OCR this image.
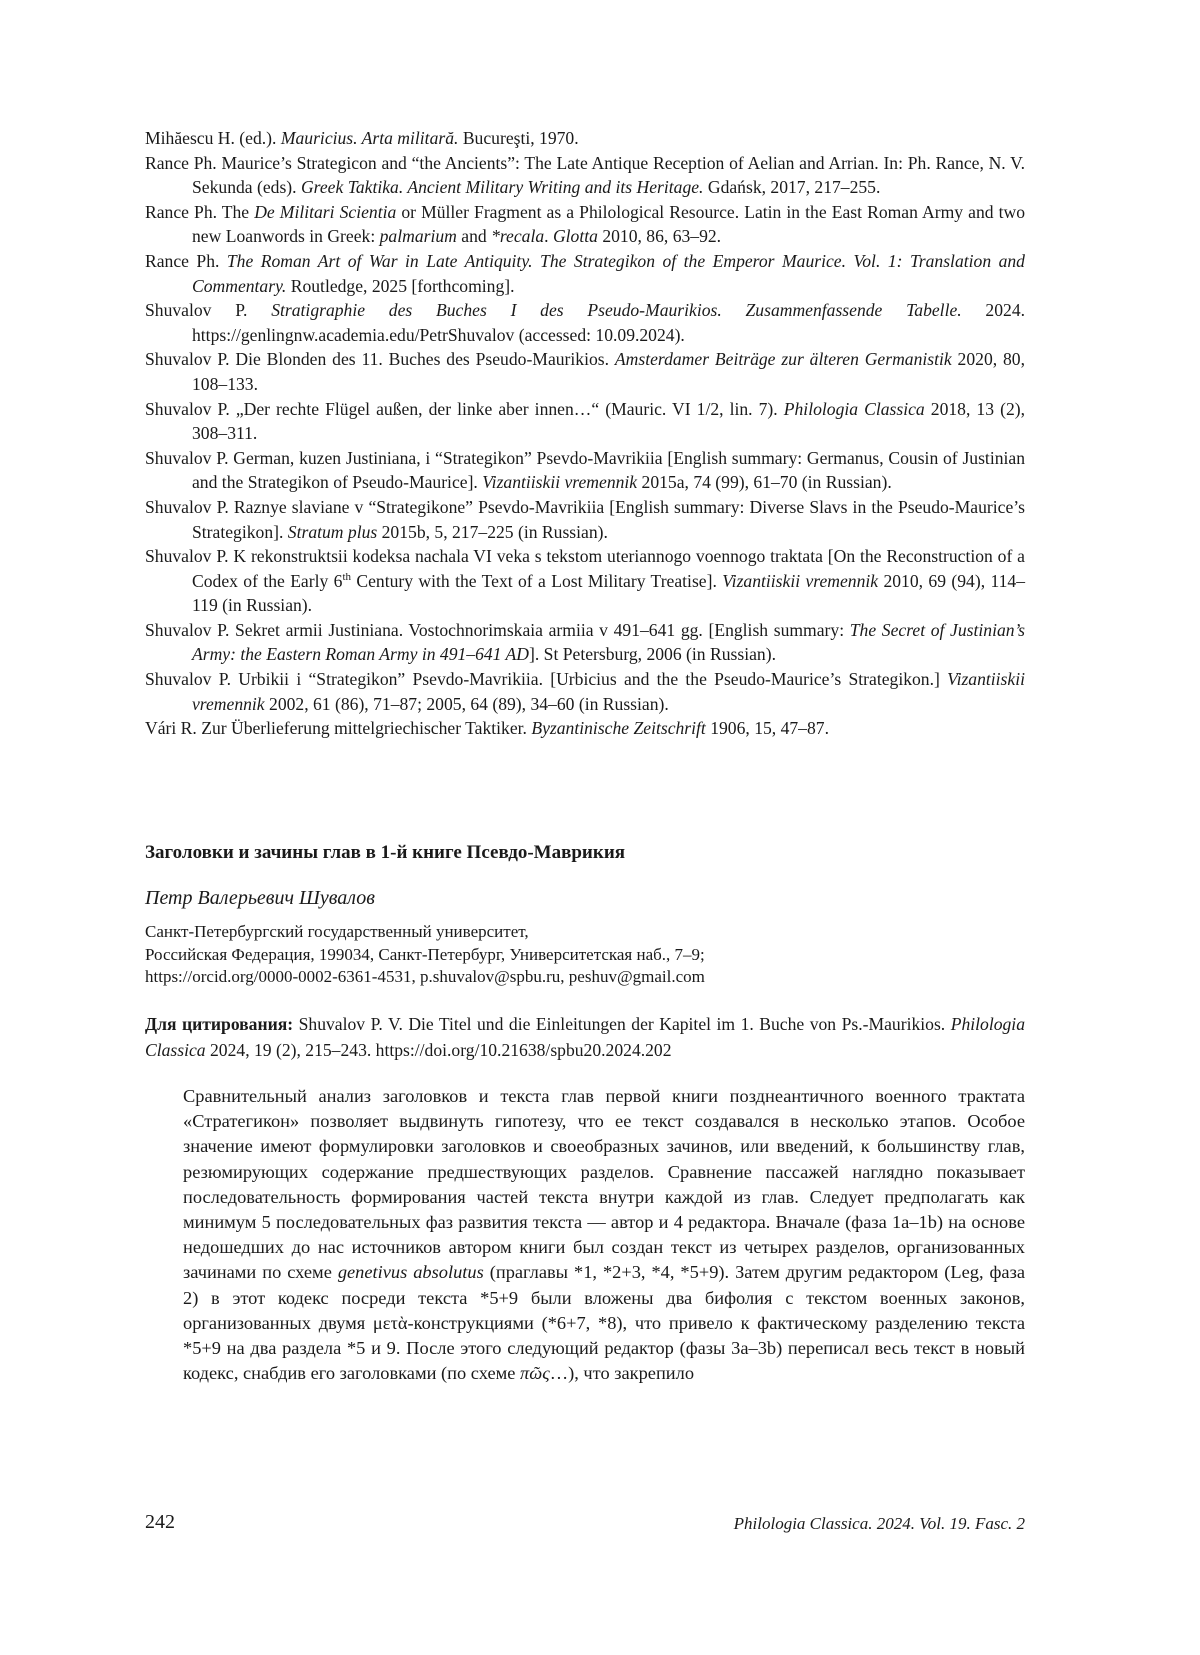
Mihăescu H. (ed.). Mauricius. Arta militară. Bucureşti, 1970.

Rance Ph. Maurice’s Strategicon and “the Ancients”: The Late Antique Reception of Aelian and Arrian. In: Ph. Rance, N. V. Sekunda (eds). Greek Taktika. Ancient Military Writing and its Heritage. Gdańsk, 2017, 217–255.

Rance Ph. The De Militari Scientia or Müller Fragment as a Philological Resource. Latin in the East Roman Army and two new Loanwords in Greek: palmarium and *recala. Glotta 2010, 86, 63–92.

Rance Ph. The Roman Art of War in Late Antiquity. The Strategikon of the Emperor Maurice. Vol. 1: Translation and Commentary. Routledge, 2025 [forthcoming].

Shuvalov P. Stratigraphie des Buches I des Pseudo-Maurikios. Zusammenfassende Tabelle. 2024. https://genlingnw.academia.edu/PetrShuvalov (accessed: 10.09.2024).

Shuvalov P. Die Blonden des 11. Buches des Pseudo-Maurikios. Amsterdamer Beiträge zur älteren Germanistik 2020, 80, 108–133.

Shuvalov P. „Der rechte Flügel außen, der linke aber innen…“ (Mauric. VI 1/2, lin. 7). Philologia Classica 2018, 13 (2), 308–311.

Shuvalov P. German, kuzen Justiniana, i “Strategikon” Psevdo-Mavrikiia [English summary: Germanus, Cousin of Justinian and the Strategikon of Pseudo-Maurice]. Vizantiiskii vremennik 2015a, 74 (99), 61–70 (in Russian).

Shuvalov P. Raznye slaviane v “Strategikone” Psevdo-Mavrikiia [English summary: Diverse Slavs in the Pseudo-Maurice’s Strategikon]. Stratum plus 2015b, 5, 217–225 (in Russian).

Shuvalov P. K rekonstruktsii kodeksa nachala VI veka s tekstom uteriannogo voennogo traktata [On the Reconstruction of a Codex of the Early 6th Century with the Text of a Lost Military Treatise]. Vizantiiskii vremennik 2010, 69 (94), 114–119 (in Russian).

Shuvalov P. Sekret armii Justiniana. Vostochnorimskaia armiia v 491–641 gg. [English summary: The Secret of Justinian’s Army: the Eastern Roman Army in 491–641 AD]. St Petersburg, 2006 (in Russian).

Shuvalov P. Urbikii i “Strategikon” Psevdo-Mavrikiia. [Urbicius and the the Pseudo-Maurice’s Strategikon.] Vizantiiskii vremennik 2002, 61 (86), 71–87; 2005, 64 (89), 34–60 (in Russian).

Vári R. Zur Überlieferung mittelgriechischer Taktiker. Byzantinische Zeitschrift 1906, 15, 47–87.

Заголовки и зачины глав в 1-й книге Псевдо-Маврикия

Петр Валерьевич Шувалов

Санкт-Петербургский государственный университет,
Российская Федерация, 199034, Санкт-Петербург, Университетская наб., 7–9;
https://orcid.org/0000-0002-6361-4531, p.shuvalov@spbu.ru, peshuv@gmail.com

Для цитирования: Shuvalov P. V. Die Titel und die Einleitungen der Kapitel im 1. Buche von Ps.-Maurikios. Philologia Classica 2024, 19 (2), 215–243. https://doi.org/10.21638/spbu20.2024.202

Сравнительный анализ заголовков и текста глав первой книги позднеантичного военного трактата «Стратегикон» позволяет выдвинуть гипотезу, что ее текст создавался в несколько этапов. Особое значение имеют формулировки заголовков и своеобразных зачинов, или введений, к большинству глав, резюмирующих содержание предшествующих разделов. Сравнение пассажей наглядно показывает последовательность формирования частей текста внутри каждой из глав. Следует предполагать как минимум 5 последовательных фаз развития текста — автор и 4 редактора. Вначале (фаза 1a–1b) на основе недошедших до нас источников автором книги был создан текст из четырех разделов, организованных зачинами по схеме genetivus absolutus (праглавы *1, *2+3, *4, *5+9). Затем другим редактором (Leg, фаза 2) в этот кодекс посреди текста *5+9 были вложены два бифолия с текстом военных законов, организованных двумя μετὰ-конструкциями (*6+7, *8), что привело к фактическому разделению текста *5+9 на два раздела *5 и 9. После этого следующий редактор (фазы 3a–3b) переписал весь текст в новый кодекс, снабдив его заголовками (по схеме πῶς…), что закрепило

242	Philologia Classica. 2024. Vol. 19. Fasc. 2
